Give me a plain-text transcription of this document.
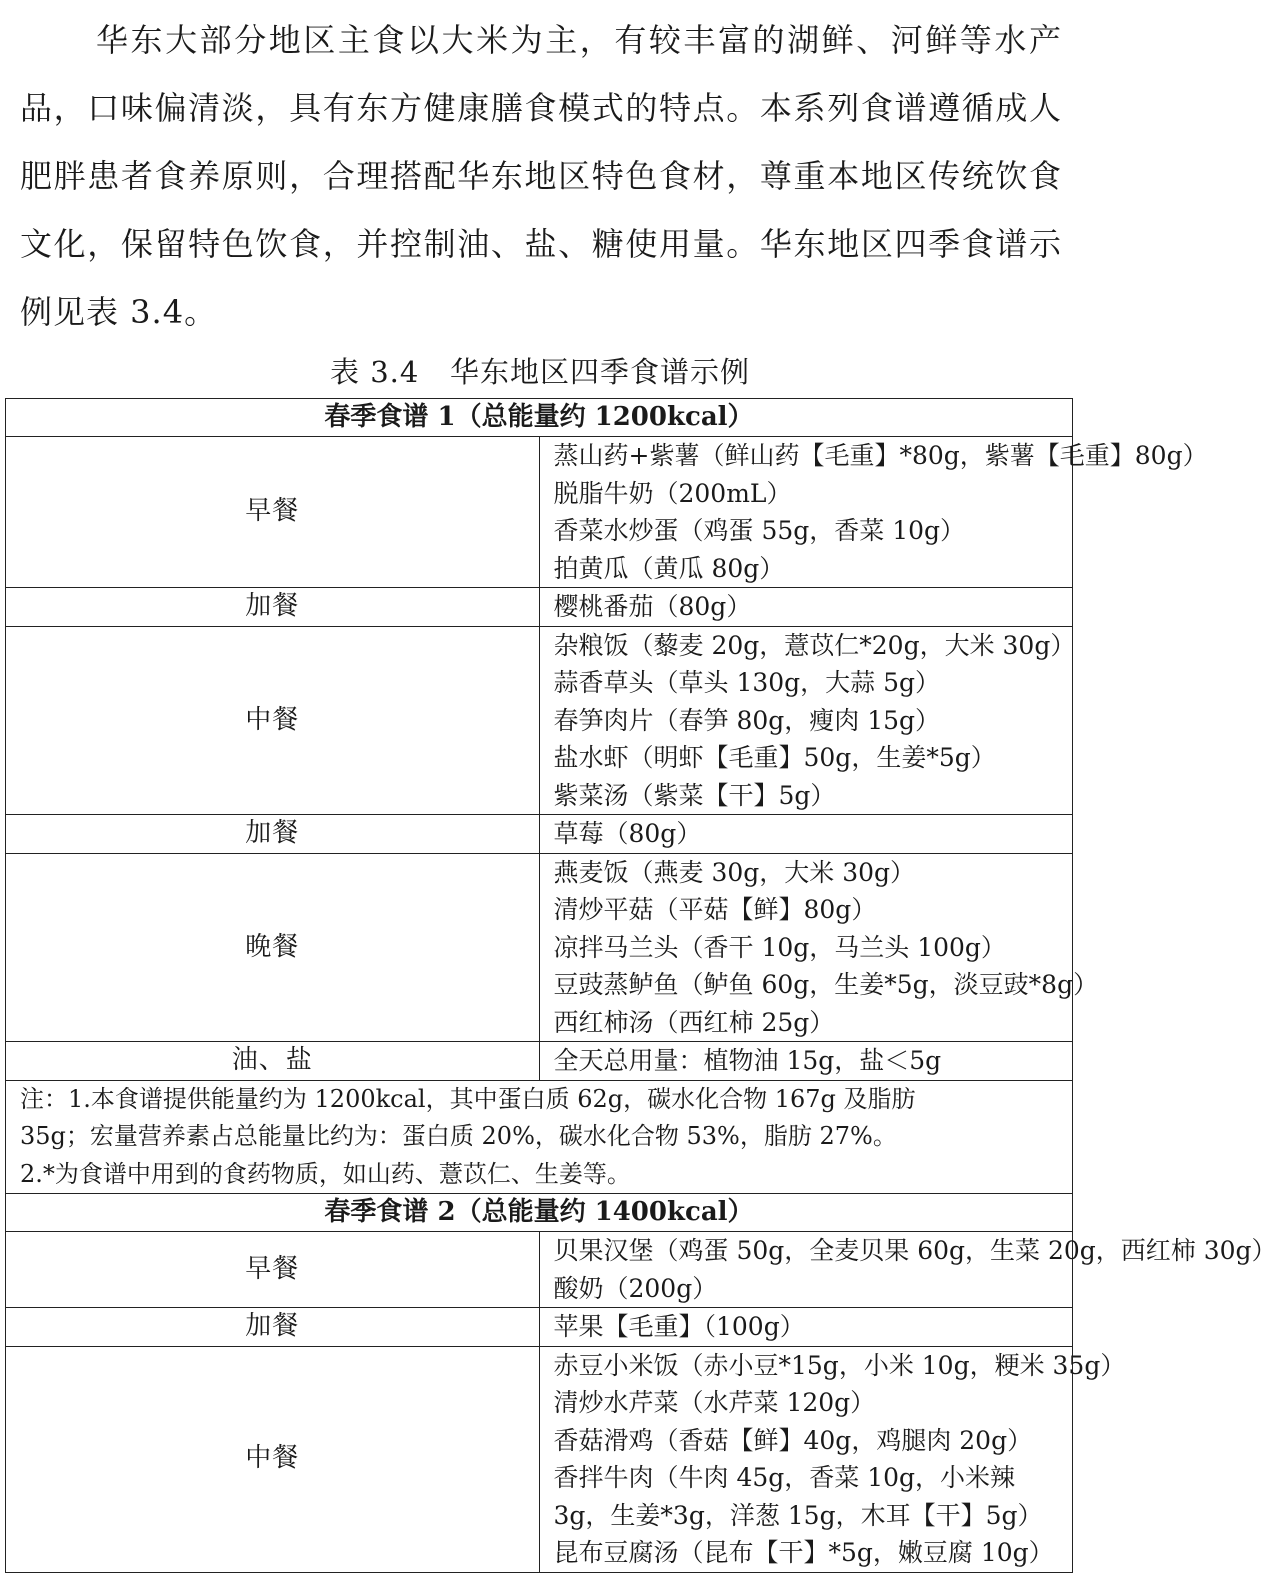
华东大部分地区主食以大米为主，有较丰富的湖鲜、河鲜等水产品，口味偏清淡，具有东方健康膳食模式的特点。本系列食谱遵循成人肥胖患者食养原则，合理搭配华东地区特色食材，尊重本地区传统饮食文化，保留特色饮食，并控制油、盐、糖使用量。华东地区四季食谱示例见表 3.4。

表 3.4   华东地区四季食谱示例

春季食谱 1（总能量约 1200kcal）	
早餐	蒸山药+紫薯（鲜山药【毛重】*80g，紫薯【毛重】80g）
脱脂牛奶（200mL）
香菜水炒蛋（鸡蛋 55g，香菜 10g）
拍黄瓜（黄瓜 80g）

加餐	樱桃番茄（80g）

中餐	杂粮饭（藜麦 20g，薏苡仁*20g，大米 30g）
蒜香草头（草头 130g，大蒜 5g）
春笋肉片（春笋 80g，瘦肉 15g）
盐水虾（明虾【毛重】50g，生姜*5g）
紫菜汤（紫菜【干】5g）

加餐	草莓（80g）

晚餐	燕麦饭（燕麦 30g，大米 30g）
清炒平菇（平菇【鲜】80g）
凉拌马兰头（香干 10g，马兰头 100g）
豆豉蒸鲈鱼（鲈鱼 60g，生姜*5g，淡豆豉*8g）
西红柿汤（西红柿 25g）

油、盐	全天总用量：植物油 15g，盐＜5g

注：1.本食谱提供能量约为 1200kcal，其中蛋白质 62g，碳水化合物 167g 及脂肪
35g；宏量营养素占总能量比约为：蛋白质 20%，碳水化合物 53%，脂肪 27%。
2.*为食谱中用到的食药物质，如山药、薏苡仁、生姜等。	

春季食谱 2（总能量约 1400kcal）	
早餐	贝果汉堡（鸡蛋 50g，全麦贝果 60g，生菜 20g，西红柿 30g）
酸奶（200g）

加餐	苹果【毛重】（100g）

中餐	赤豆小米饭（赤小豆*15g，小米 10g，粳米 35g）
清炒水芹菜（水芹菜 120g）
香菇滑鸡（香菇【鲜】40g，鸡腿肉 20g）
香拌牛肉（牛肉 45g，香菜 10g，小米辣 3g，生姜*3g，洋葱 15g，木耳【干】5g）
昆布豆腐汤（昆布【干】*5g，嫩豆腐 10g）
